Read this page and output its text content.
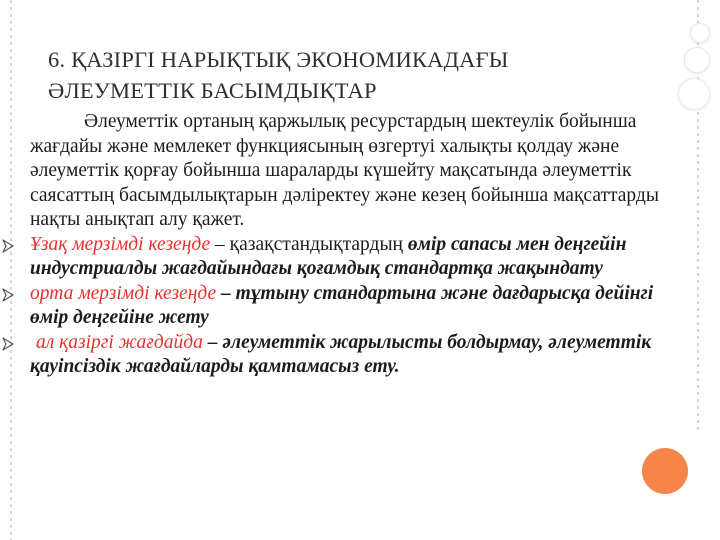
6. ҚАЗІРГІ НАРЫҚТЫҚ ЭКОНОМИКАДАҒЫ
ӘЛЕУМЕТТІК БАСЫМДЫҚТАР

Әлеуметтік ортаның қаржылық ресурстардың шектеулік бойынша жағдайы және мемлекет функциясының өзгертуі халықты қолдау және әлеуметтік қорғау бойынша шараларды күшейту мақсатында әлеуметтік саясаттың басымдылықтарын дәліректеу және кезең бойынша мақсаттарды нақты анықтап алу қажет.

Ұзақ мерзімді кезеңде – қазақстандықтардың өмір сапасы мен деңгейін индустриалды жағдайындағы қоғамдық стандартқа жақындату
орта мерзімді кезеңде – тұтыну стандартына және дағдарысқа дейінгі өмір деңгейіне жету
ал қазіргі жағдайда – әлеуметтік жарылысты болдырмау, әлеуметтік қауіпсіздік жағдайларды қамтамасыз ету.
